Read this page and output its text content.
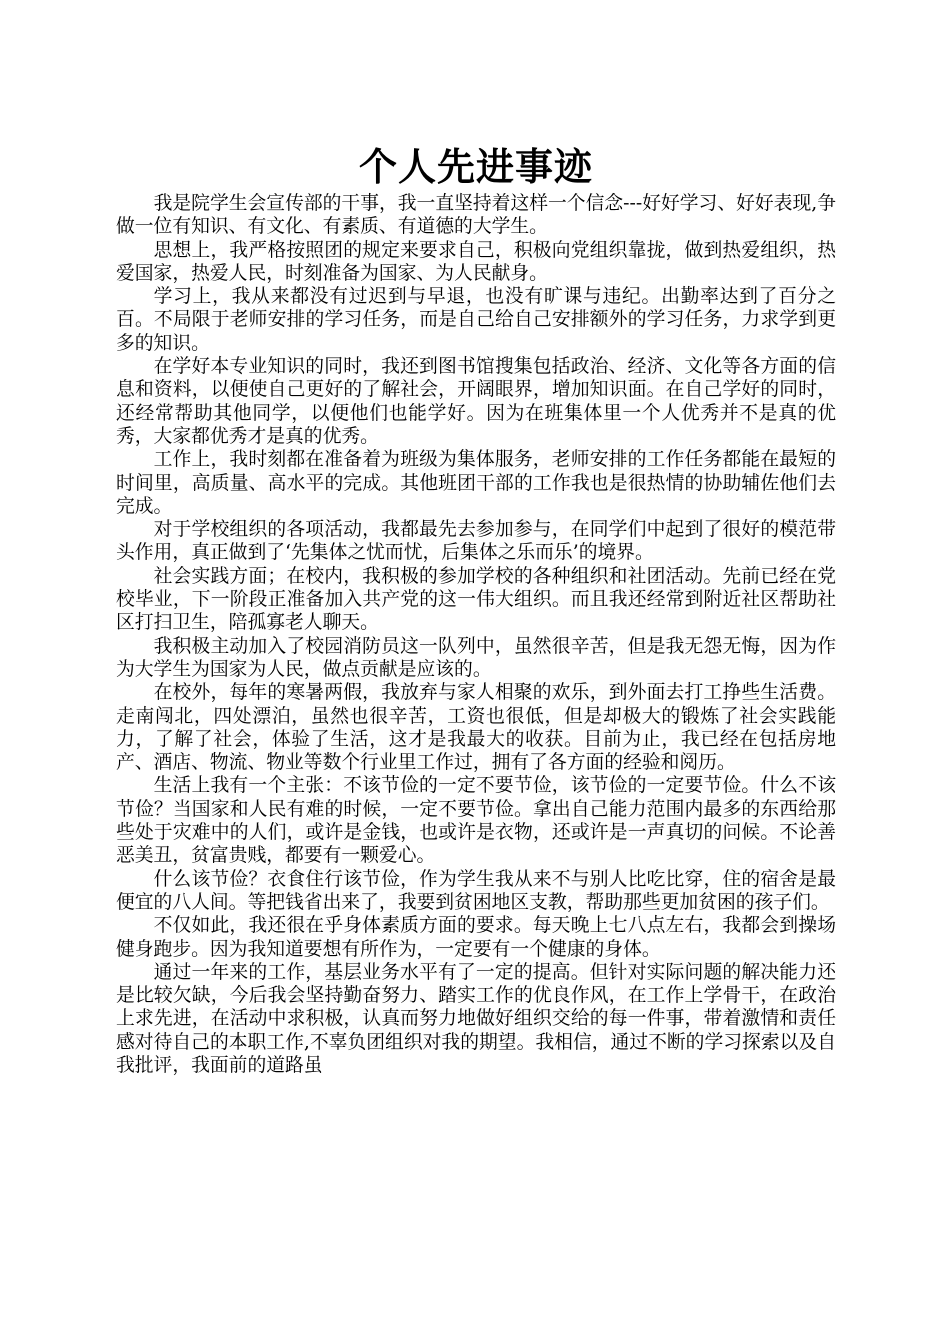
个人先进事迹

我是院学生会宣传部的干事，我一直坚持着这样一个信念---好好学习、好好表现,争做一位有知识、有文化、有素质、有道德的大学生。

思想上，我严格按照团的规定来要求自己，积极向党组织靠拢，做到热爱组织，热爱国家，热爱人民，时刻准备为国家、为人民献身。

学习上，我从来都没有过迟到与早退，也没有旷课与违纪。出勤率达到了百分之百。不局限于老师安排的学习任务，而是自己给自己安排额外的学习任务，力求学到更多的知识。

在学好本专业知识的同时，我还到图书馆搜集包括政治、经济、文化等各方面的信息和资料，以便使自己更好的了解社会，开阔眼界，增加知识面。在自己学好的同时，还经常帮助其他同学，以便他们也能学好。因为在班集体里一个人优秀并不是真的优秀，大家都优秀才是真的优秀。

工作上，我时刻都在准备着为班级为集体服务，老师安排的工作任务都能在最短的时间里，高质量、高水平的完成。其他班团干部的工作我也是很热情的协助辅佐他们去完成。

对于学校组织的各项活动，我都最先去参加参与，在同学们中起到了很好的模范带头作用，真正做到了‘先集体之忧而忧，后集体之乐而乐’的境界。

社会实践方面；在校内，我积极的参加学校的各种组织和社团活动。先前已经在党校毕业，下一阶段正准备加入共产党的这一伟大组织。而且我还经常到附近社区帮助社区打扫卫生，陪孤寡老人聊天。

我积极主动加入了校园消防员这一队列中，虽然很辛苦，但是我无怨无悔，因为作为大学生为国家为人民，做点贡献是应该的。

在校外，每年的寒暑两假，我放弃与家人相聚的欢乐，到外面去打工挣些生活费。走南闯北，四处漂泊，虽然也很辛苦，工资也很低，但是却极大的锻炼了社会实践能力，了解了社会，体验了生活，这才是我最大的收获。目前为止，我已经在包括房地产、酒店、物流、物业等数个行业里工作过，拥有了各方面的经验和阅历。

生活上我有一个主张：不该节俭的一定不要节俭，该节俭的一定要节俭。什么不该节俭？当国家和人民有难的时候，一定不要节俭。拿出自己能力范围内最多的东西给那些处于灾难中的人们，或许是金钱，也或许是衣物，还或许是一声真切的问候。不论善恶美丑，贫富贵贱，都要有一颗爱心。

什么该节俭？衣食住行该节俭，作为学生我从来不与别人比吃比穿，住的宿舍是最便宜的八人间。等把钱省出来了，我要到贫困地区支教，帮助那些更加贫困的孩子们。

不仅如此，我还很在乎身体素质方面的要求。每天晚上七八点左右，我都会到操场健身跑步。因为我知道要想有所作为，一定要有一个健康的身体。

通过一年来的工作，基层业务水平有了一定的提高。但针对实际问题的解决能力还是比较欠缺，今后我会坚持勤奋努力、踏实工作的优良作风，在工作上学骨干，在政治上求先进，在活动中求积极，认真而努力地做好组织交给的每一件事，带着激情和责任感对待自己的本职工作,不辜负团组织对我的期望。我相信，通过不断的学习探索以及自我批评，我面前的道路虽
